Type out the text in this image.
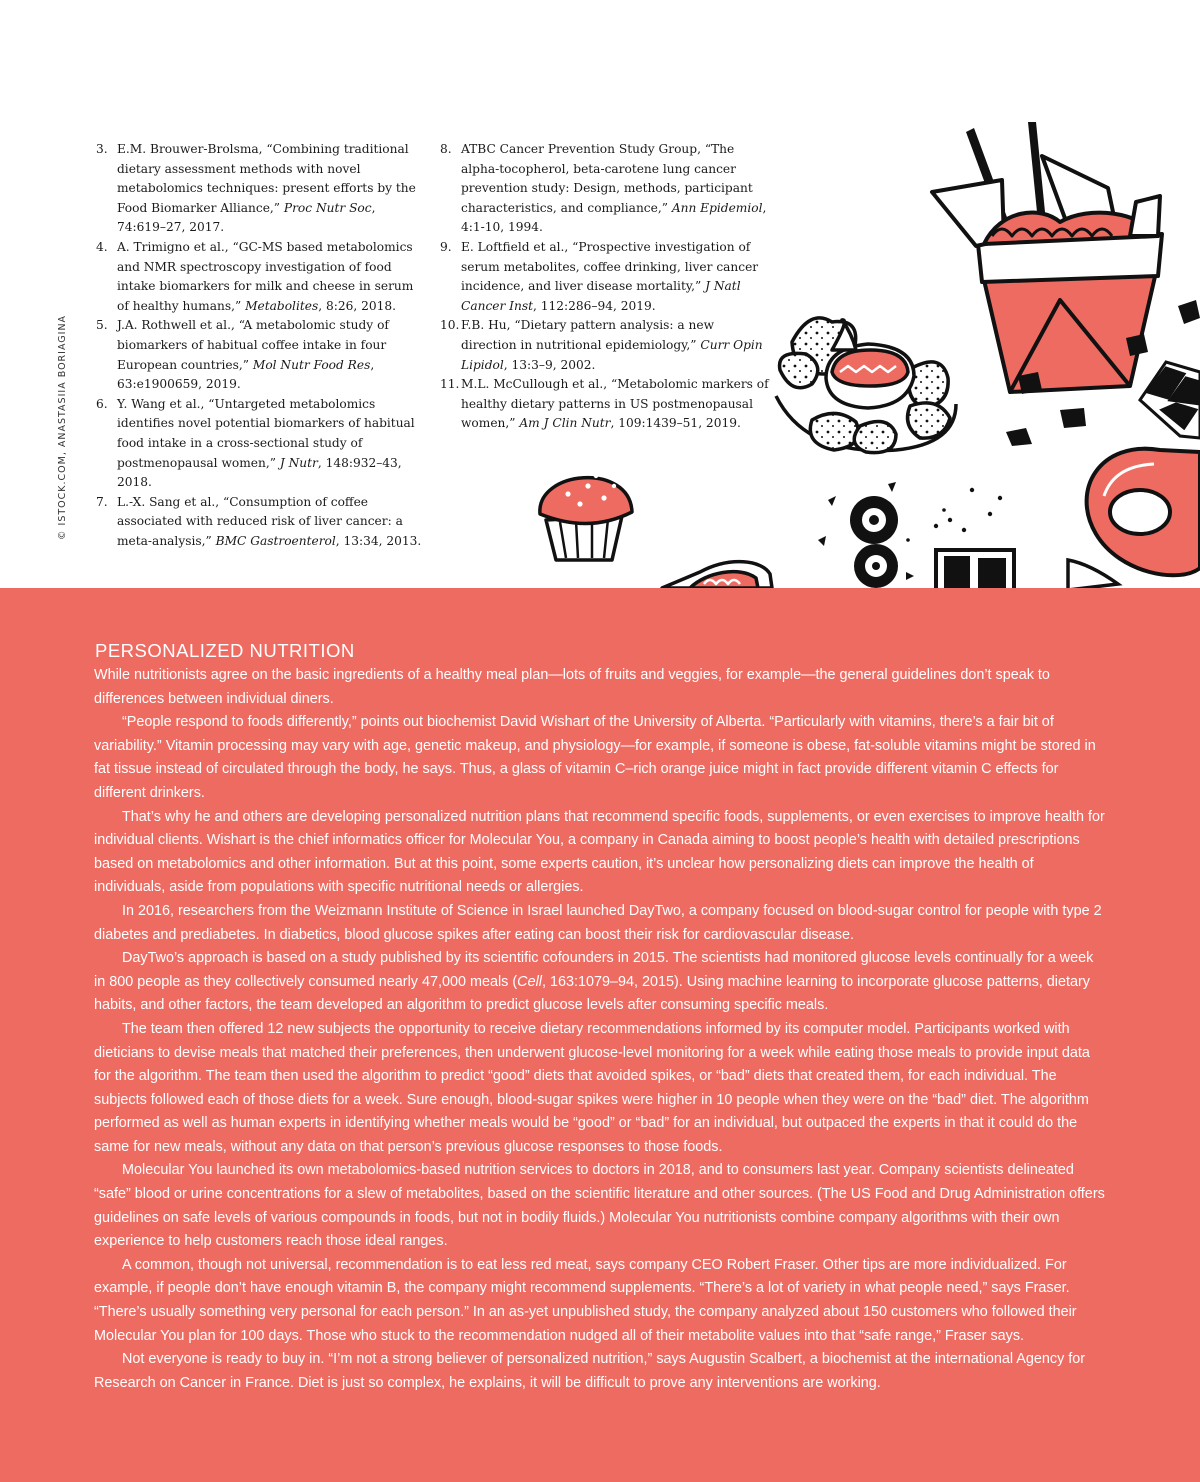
© ISTOCK.COM, ANASTASIIA BORIAGINA
3. E.M. Brouwer-Brolsma, “Combining traditional dietary assessment methods with novel metabolomics techniques: present efforts by the Food Biomarker Alliance,” Proc Nutr Soc, 74:619–27, 2017.
4. A. Trimigno et al., “GC-MS based metabolomics and NMR spectroscopy investigation of food intake biomarkers for milk and cheese in serum of healthy humans,” Metabolites, 8:26, 2018.
5. J.A. Rothwell et al., “A metabolomic study of biomarkers of habitual coffee intake in four European countries,” Mol Nutr Food Res, 63:e1900659, 2019.
6. Y. Wang et al., “Untargeted metabolomics identifies novel potential biomarkers of habitual food intake in a cross-sectional study of postmenopausal women,” J Nutr, 148:932–43, 2018.
7. L.-X. Sang et al., “Consumption of coffee associated with reduced risk of liver cancer: a meta-analysis,” BMC Gastroenterol, 13:34, 2013.
8. ATBC Cancer Prevention Study Group, “The alpha-tocopherol, beta-carotene lung cancer prevention study: Design, methods, participant characteristics, and compliance,” Ann Epidemiol, 4:1-10, 1994.
9. E. Loftfield et al., “Prospective investigation of serum metabolites, coffee drinking, liver cancer incidence, and liver disease mortality,” J Natl Cancer Inst, 112:286–94, 2019.
10. F.B. Hu, “Dietary pattern analysis: a new direction in nutritional epidemiology,” Curr Opin Lipidol, 13:3–9, 2002.
11. M.L. McCullough et al., “Metabolomic markers of healthy dietary patterns in US postmenopausal women,” Am J Clin Nutr, 109:1439–51, 2019.
PERSONALIZED NUTRITION

While nutritionists agree on the basic ingredients of a healthy meal plan—lots of fruits and veggies, for example—the general guidelines don’t speak to differences between individual diners.

“People respond to foods differently,” points out biochemist David Wishart of the University of Alberta. “Particularly with vitamins, there’s a fair bit of variability.” Vitamin processing may vary with age, genetic makeup, and physiology—for example, if someone is obese, fat-soluble vitamins might be stored in fat tissue instead of circulated through the body, he says. Thus, a glass of vitamin C–rich orange juice might in fact provide different vitamin C effects for different drinkers.

That’s why he and others are developing personalized nutrition plans that recommend specific foods, supplements, or even exercises to improve health for individual clients. Wishart is the chief informatics officer for Molecular You, a company in Canada aiming to boost people’s health with detailed prescriptions based on metabolomics and other information. But at this point, some experts caution, it’s unclear how personalizing diets can improve the health of individuals, aside from populations with specific nutritional needs or allergies.

In 2016, researchers from the Weizmann Institute of Science in Israel launched DayTwo, a company focused on blood-sugar control for people with type 2 diabetes and prediabetes. In diabetics, blood glucose spikes after eating can boost their risk for cardiovascular disease.

DayTwo’s approach is based on a study published by its scientific cofounders in 2015. The scientists had monitored glucose levels continually for a week in 800 people as they collectively consumed nearly 47,000 meals (Cell, 163:1079–94, 2015). Using machine learning to incorporate glucose patterns, dietary habits, and other factors, the team developed an algorithm to predict glucose levels after consuming specific meals.

The team then offered 12 new subjects the opportunity to receive dietary recommendations informed by its computer model. Participants worked with dieticians to devise meals that matched their preferences, then underwent glucose-level monitoring for a week while eating those meals to provide input data for the algorithm. The team then used the algorithm to predict “good” diets that avoided spikes, or “bad” diets that created them, for each individual. The subjects followed each of those diets for a week. Sure enough, blood-sugar spikes were higher in 10 people when they were on the “bad” diet. The algorithm performed as well as human experts in identifying whether meals would be “good” or “bad” for an individual, but outpaced the experts in that it could do the same for new meals, without any data on that person’s previous glucose responses to those foods.

Molecular You launched its own metabolomics-based nutrition services to doctors in 2018, and to consumers last year. Company scientists delineated “safe” blood or urine concentrations for a slew of metabolites, based on the scientific literature and other sources. (The US Food and Drug Administration offers guidelines on safe levels of various compounds in foods, but not in bodily fluids.) Molecular You nutritionists combine company algorithms with their own experience to help customers reach those ideal ranges.

A common, though not universal, recommendation is to eat less red meat, says company CEO Robert Fraser. Other tips are more individualized. For example, if people don’t have enough vitamin B, the company might recommend supplements. “There’s a lot of variety in what people need,” says Fraser. “There’s usually something very personal for each person.” In an as-yet unpublished study, the company analyzed about 150 customers who followed their Molecular You plan for 100 days. Those who stuck to the recommendation nudged all of their metabolite values into that “safe range,” Fraser says.

Not everyone is ready to buy in. “I’m not a strong believer of personalized nutrition,” says Augustin Scalbert, a biochemist at the international Agency for Research on Cancer in France. Diet is just so complex, he explains, it will be difficult to prove any interventions are working.
